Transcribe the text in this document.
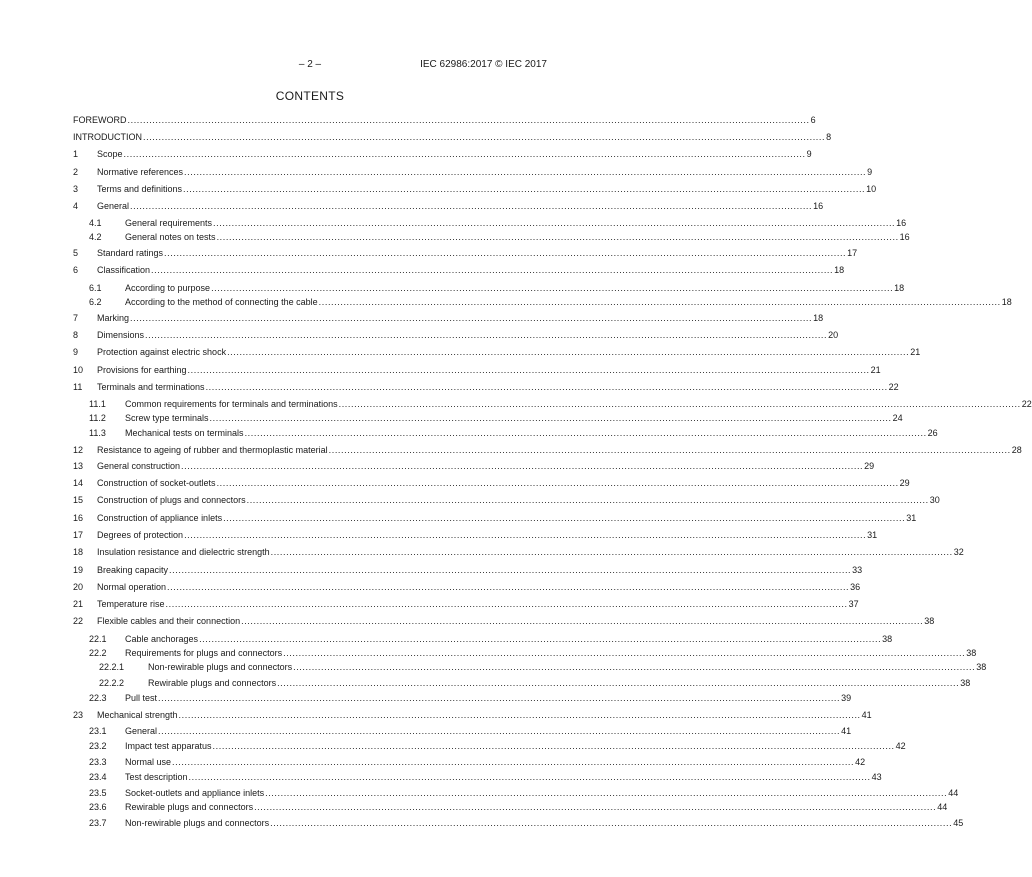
– 2 –	IEC 62986:2017 © IEC 2017
CONTENTS
FOREWORD ............................................................................................................................................................................................................................ 6
INTRODUCTION ............................................................................................................................................................................................................................ 8
1 Scope ............................................................................................................................................................................................................................ 9
2 Normative references ............................................................................................................................................................................................................................ 9
3 Terms and definitions ............................................................................................................................................................................................................................ 10
4 General ............................................................................................................................................................................................................................ 16
4.1	General requirements ............................................................................................................................................................................................................................ 16
4.2	General notes on tests ............................................................................................................................................................................................................................ 16
5 Standard ratings ............................................................................................................................................................................................................................ 17
6 Classification ............................................................................................................................................................................................................................ 18
6.1	According to purpose ............................................................................................................................................................................................................................ 18
6.2	According to the method of connecting the cable ............................................................................................................................................................................................................................ 18
7 Marking ............................................................................................................................................................................................................................ 18
8 Dimensions ............................................................................................................................................................................................................................ 20
9 Protection against electric shock ............................................................................................................................................................................................................................ 21
10 Provisions for earthing ............................................................................................................................................................................................................................ 21
11 Terminals and terminations ............................................................................................................................................................................................................................ 22
11.1 Common requirements for terminals and terminations ............................................................................................................................................................................................................................ 22
11.2 Screw type terminals ............................................................................................................................................................................................................................ 24
11.3 Mechanical tests on terminals ............................................................................................................................................................................................................................ 26
12 Resistance to ageing of rubber and thermoplastic material ............................................................................................................................................................................................................................ 28
13 General construction ............................................................................................................................................................................................................................ 29
14 Construction of socket-outlets ............................................................................................................................................................................................................................ 29
15 Construction of plugs and connectors ............................................................................................................................................................................................................................ 30
16 Construction of appliance inlets ............................................................................................................................................................................................................................ 31
17 Degrees of protection ............................................................................................................................................................................................................................ 31
18 Insulation resistance and dielectric strength ............................................................................................................................................................................................................................ 32
19 Breaking capacity ............................................................................................................................................................................................................................ 33
20 Normal operation ............................................................................................................................................................................................................................ 36
21 Temperature rise ............................................................................................................................................................................................................................ 37
22 Flexible cables and their connection ............................................................................................................................................................................................................................ 38
22.1 Cable anchorages ............................................................................................................................................................................................................................ 38
22.2 Requirements for plugs and connectors ............................................................................................................................................................................................................................ 38
22.2.1	Non-rewirable plugs and connectors ............................................................................................................................................................................................................................ 38
22.2.2	Rewirable plugs and connectors ............................................................................................................................................................................................................................ 38
22.3 Pull test ............................................................................................................................................................................................................................ 39
23 Mechanical strength ............................................................................................................................................................................................................................ 41
23.1 General ............................................................................................................................................................................................................................ 41
23.2 Impact test apparatus ............................................................................................................................................................................................................................ 42
23.3 Normal use ............................................................................................................................................................................................................................ 42
23.4 Test description ............................................................................................................................................................................................................................ 43
23.5 Socket-outlets and appliance inlets ............................................................................................................................................................................................................................ 44
23.6 Rewirable plugs and connectors ............................................................................................................................................................................................................................ 44
23.7 Non-rewirable plugs and connectors ............................................................................................................................................................................................................................ 45
